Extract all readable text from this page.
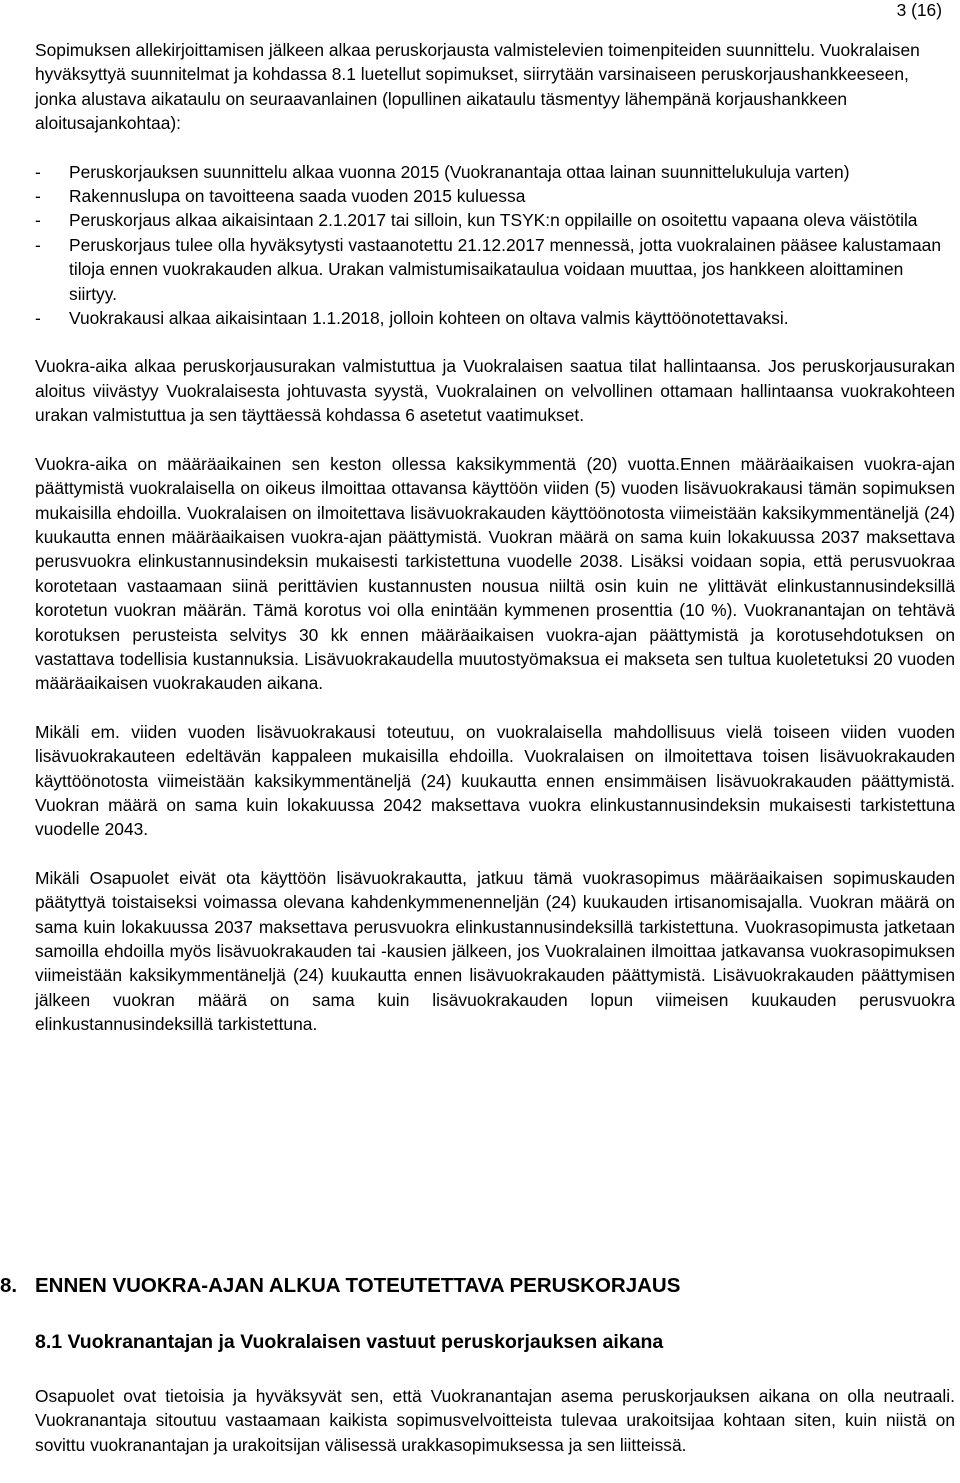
3 (16)

Sopimuksen allekirjoittamisen jälkeen alkaa peruskorjausta valmistelevien toimenpiteiden suunnittelu. Vuokralaisen hyväksyttyä suunnitelmat ja kohdassa 8.1 luetellut sopimukset, siirrytään varsinaiseen peruskorjaushankkeeseen, jonka alustava aikataulu on seuraavanlainen (lopullinen aikataulu täsmentyy lähempänä korjaushankkeen aloitusajankohtaa):

- Peruskorjauksen suunnittelu alkaa vuonna 2015 (Vuokranantaja ottaa lainan suunnittelukuluja varten)
- Rakennuslupa on tavoitteena saada vuoden 2015 kuluessa
- Peruskorjaus alkaa aikaisintaan 2.1.2017 tai silloin, kun TSYK:n oppilaille on osoitettu vapaana oleva väistötila
- Peruskorjaus tulee olla hyväksytysti vastaanotettu 21.12.2017 mennessä, jotta vuokralainen pääsee kalustamaan tiloja ennen vuokrakauden alkua. Urakan valmistumisaikataulua voidaan muuttaa, jos hankkeen aloittaminen siirtyy.
- Vuokrakausi alkaa aikaisintaan 1.1.2018, jolloin kohteen on oltava valmis käyttöönotettavaksi.

Vuokra-aika alkaa peruskorjausurakan valmistuttua ja Vuokralaisen saatua tilat hallintaansa. Jos peruskorjausurakan aloitus viivästyy Vuokralaisesta johtuvasta syystä, Vuokralainen on velvollinen ottamaan hallintaansa vuokrakohteen urakan valmistuttua ja sen täyttäessä kohdassa 6 asetetut vaatimukset.

Vuokra-aika on määräaikainen sen keston ollessa kaksikymmentä (20) vuotta.Ennen määräaikaisen vuokra-ajan päättymistä vuokralaisella on oikeus ilmoittaa ottavansa käyttöön viiden (5) vuoden lisävuokrakausi tämän sopimuksen mukaisilla ehdoilla. Vuokralaisen on ilmoitettava lisävuokrakauden käyttöönotosta viimeistään kaksikymmentäneljä (24) kuukautta ennen määräaikaisen vuokra-ajan päättymistä. Vuokran määrä on sama kuin lokakuussa 2037 maksettava perusvuokra elinkustannusindeksin mukaisesti tarkistettuna vuodelle 2038. Lisäksi voidaan sopia, että perusvuokraa korotetaan vastaamaan siinä perittävien kustannusten nousua niiltä osin kuin ne ylittävät elinkustannusindeksillä korotetun vuokran määrän. Tämä korotus voi olla enintään kymmenen prosenttia (10 %). Vuokranantajan on tehtävä korotuksen perusteista selvitys 30 kk ennen määräaikaisen vuokra-ajan päättymistä ja korotusehdotuksen on vastattava todellisia kustannuksia. Lisävuokrakaudella muutostyömaksua ei makseta sen tultua kuoletetuksi 20 vuoden määräaikaisen vuokrakauden aikana.

Mikäli em. viiden vuoden lisävuokrakausi toteutuu, on vuokralaisella mahdollisuus vielä toiseen viiden vuoden lisävuokrakauteen edeltävän kappaleen mukaisilla ehdoilla. Vuokralaisen on ilmoitettava toisen lisävuokrakauden käyttöönotosta viimeistään kaksikymmentäneljä (24) kuukautta ennen ensimmäisen lisävuokrakauden päättymistä. Vuokran määrä on sama kuin lokakuussa 2042 maksettava vuokra elinkustannusindeksin mukaisesti tarkistettuna vuodelle 2043.

Mikäli Osapuolet eivät ota käyttöön lisävuokrakautta, jatkuu tämä vuokrasopimus määräaikaisen sopimuskauden päätyttyä toistaiseksi voimassa olevana kahdenkymmenenneljän (24) kuukauden irtisanomisajalla. Vuokran määrä on sama kuin lokakuussa 2037 maksettava perusvuokra elinkustannusindeksillä tarkistettuna. Vuokrasopimusta jatketaan samoilla ehdoilla myös lisävuokrakauden tai -kausien jälkeen, jos Vuokralainen ilmoittaa jatkavansa vuokrasopimuksen viimeistään kaksikymmentäneljä (24) kuukautta ennen lisävuokrakauden päättymistä. Lisävuokrakauden päättymisen jälkeen vuokran määrä on sama kuin lisävuokrakauden lopun viimeisen kuukauden perusvuokra elinkustannusindeksillä tarkistettuna.

8. ENNEN VUOKRA-AJAN ALKUA TOTEUTETTAVA PERUSKORJAUS
8.1 Vuokranantajan ja Vuokralaisen vastuut peruskorjauksen aikana

Osapuolet ovat tietoisia ja hyväksyvät sen, että Vuokranantajan asema peruskorjauksen aikana on olla neutraali. Vuokranantaja sitoutuu vastaamaan kaikista sopimusvelvoitteista tulevaa urakoitsijaa kohtaan siten, kuin niistä on sovittu vuokranantajan ja urakoitsijan välisessä urakkasopimuksessa ja sen liitteissä.
